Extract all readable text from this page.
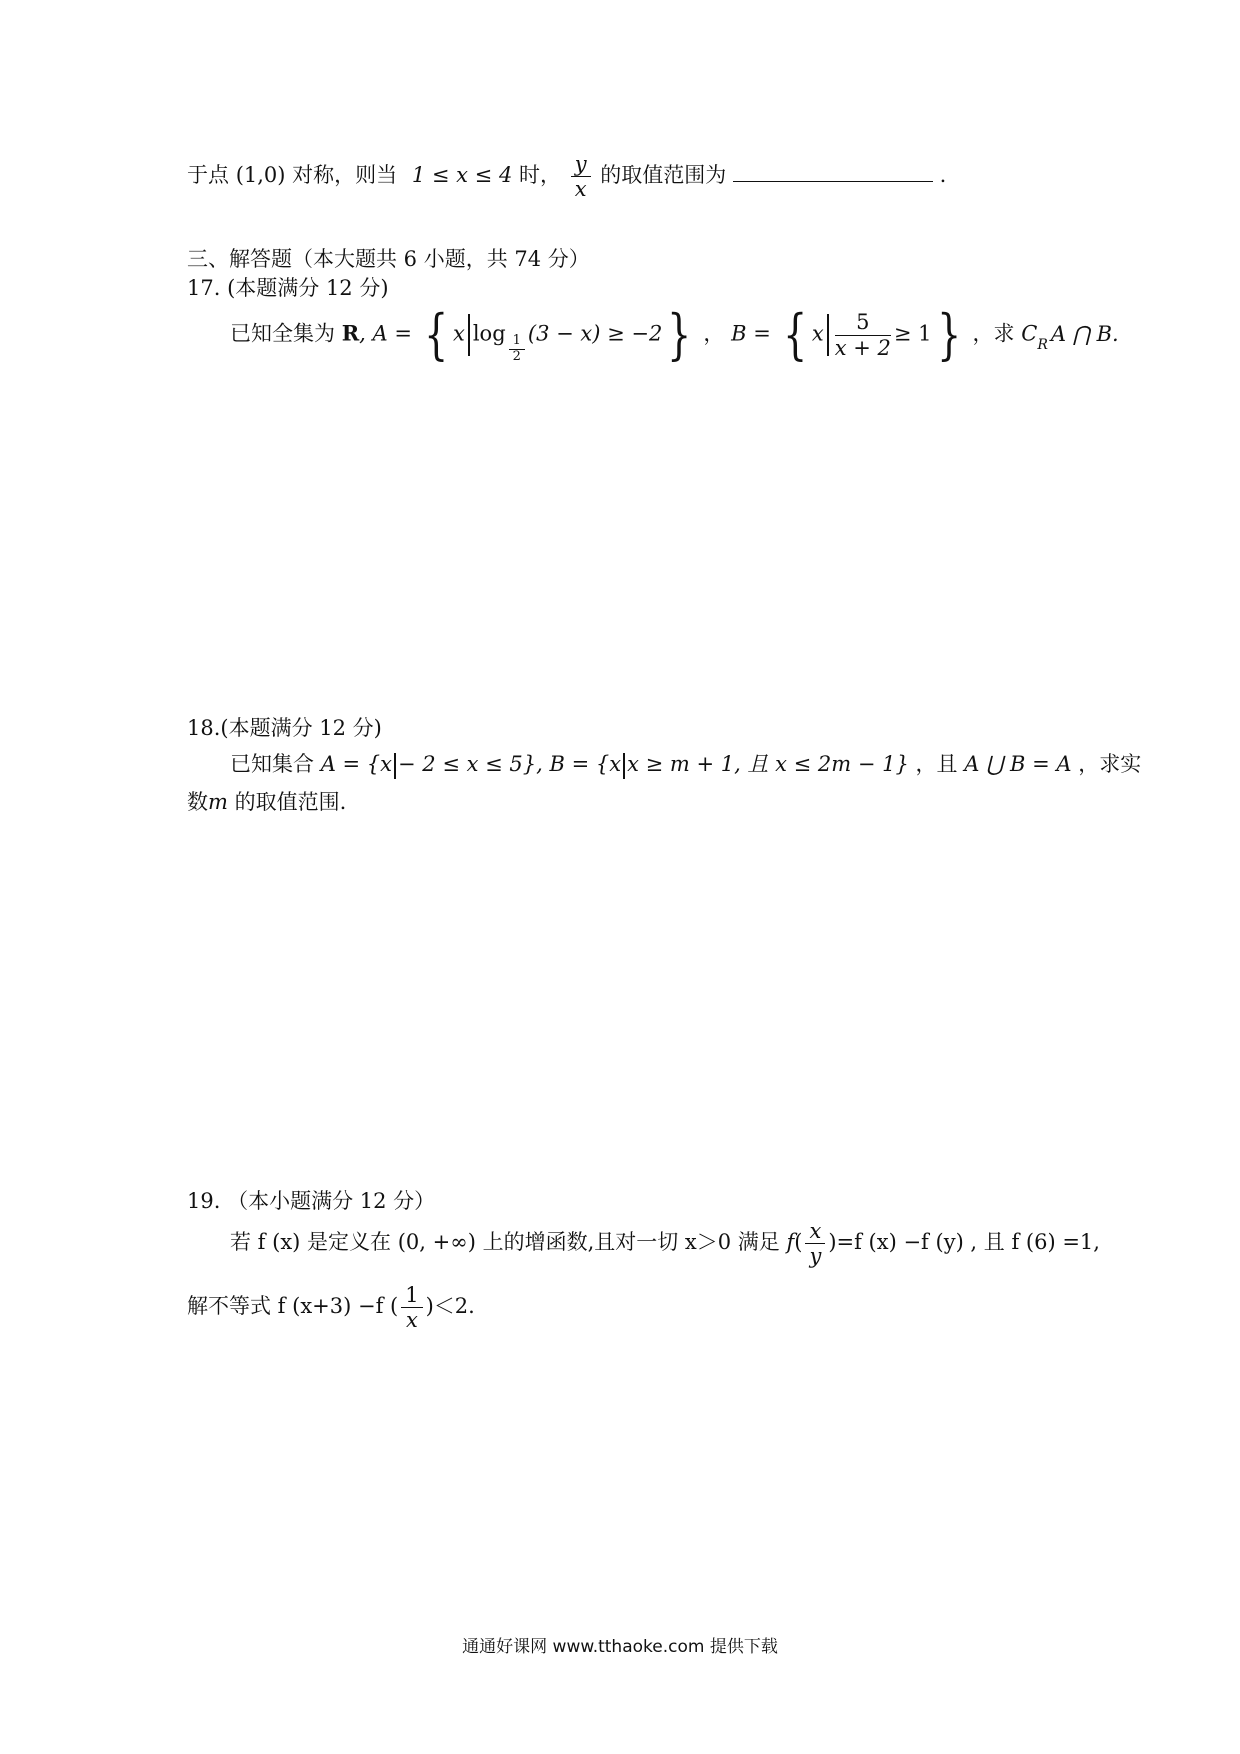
于点 (1,0) 对称，则当 1 ≤ x ≤ 4 时， $\frac{y}{x}$ 的取值范围为	.
三、解答题（本大题共 6 小题，共 74 分）
17. (本题满分 12 分)
已知全集为 R, A = { x log
$\frac{1}{2}$
(3 − x) ≥ −2} ， B = { x $\frac{5}{x + 2} \ge 1$} ，求 $C_R$ A ⋂ B.
18.(本题满分 12 分)
已知集合 A = {x − 2 ≤ x ≤ 5}, B = {x x ≥ m + 1, 且 x ≤ 2m − 1} ，且 A ⋃ B = A ，求实
数m 的取值范围.
19. （本小题满分 12 分）
若 f (x) 是定义在 (0, +∞) 上的增函数,且对一切 x＞0 满足 $f( \frac{x}{y} )=f$ (x) −f (y) , 且 f (6) =1,
解不等式 f (x+3) −f ( $\frac{1}{x} )<2$.
通通好课网 www.tthaoke.com 提供下载
